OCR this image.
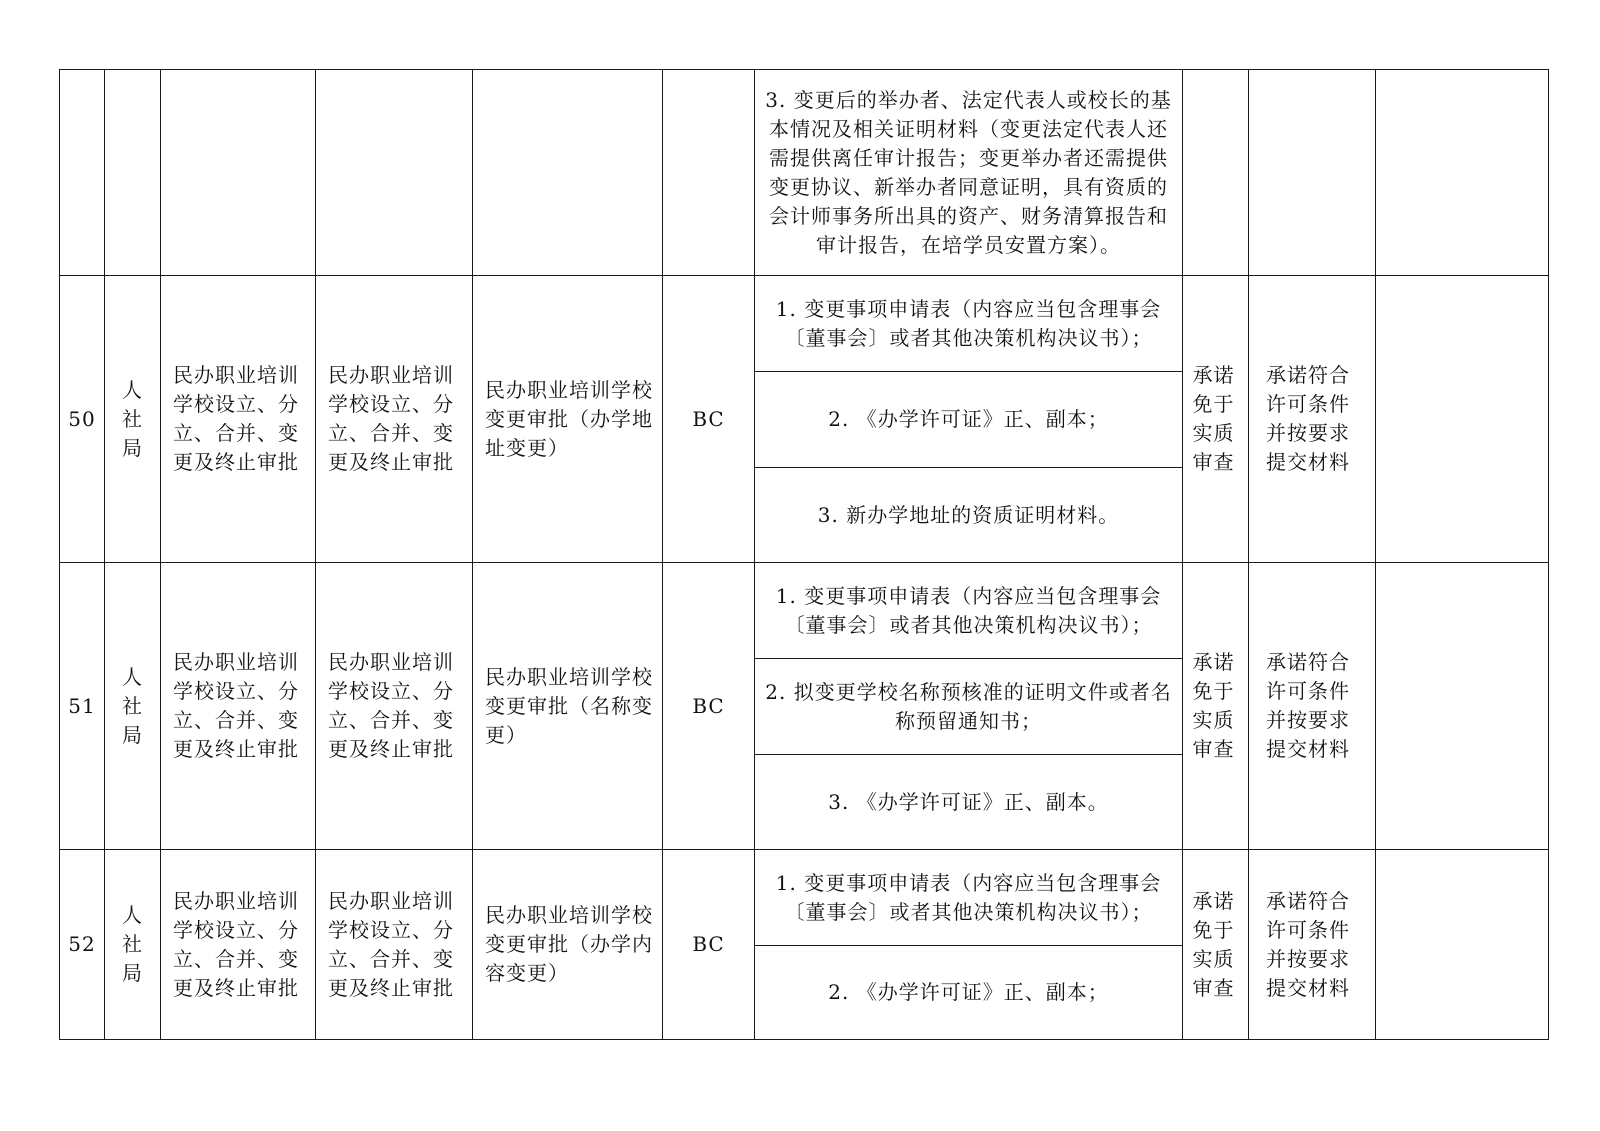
						3. 变更后的举办者、法定代表人或校长的基本情况及相关证明材料（变更法定代表人还需提供离任审计报告；变更举办者还需提供变更协议、新举办者同意证明，具有资质的会计师事务所出具的资产、财务清算报告和审计报告，在培学员安置方案）。			
50	人社局	民办职业培训学校设立、分立、合并、变更及终止审批	民办职业培训学校设立、分立、合并、变更及终止审批	民办职业培训学校变更审批（办学地址变更）	BC	1. 变更事项申请表（内容应当包含理事会〔董事会〕或者其他决策机构决议书）；	承诺免于实质审查	承诺符合许可条件并按要求提交材料	
						2. 《办学许可证》正、副本；			
						3. 新办学地址的资质证明材料。			
51	人社局	民办职业培训学校设立、分立、合并、变更及终止审批	民办职业培训学校设立、分立、合并、变更及终止审批	民办职业培训学校变更审批（名称变更）	BC	1. 变更事项申请表（内容应当包含理事会〔董事会〕或者其他决策机构决议书）；	承诺免于实质审查	承诺符合许可条件并按要求提交材料	
						2. 拟变更学校名称预核准的证明文件或者名称预留通知书；			
						3. 《办学许可证》正、副本。			
52	人社局	民办职业培训学校设立、分立、合并、变更及终止审批	民办职业培训学校设立、分立、合并、变更及终止审批	民办职业培训学校变更审批（办学内容变更）	BC	1. 变更事项申请表（内容应当包含理事会〔董事会〕或者其他决策机构决议书）；	承诺免于实质审查	承诺符合许可条件并按要求提交材料	
						2. 《办学许可证》正、副本；			
